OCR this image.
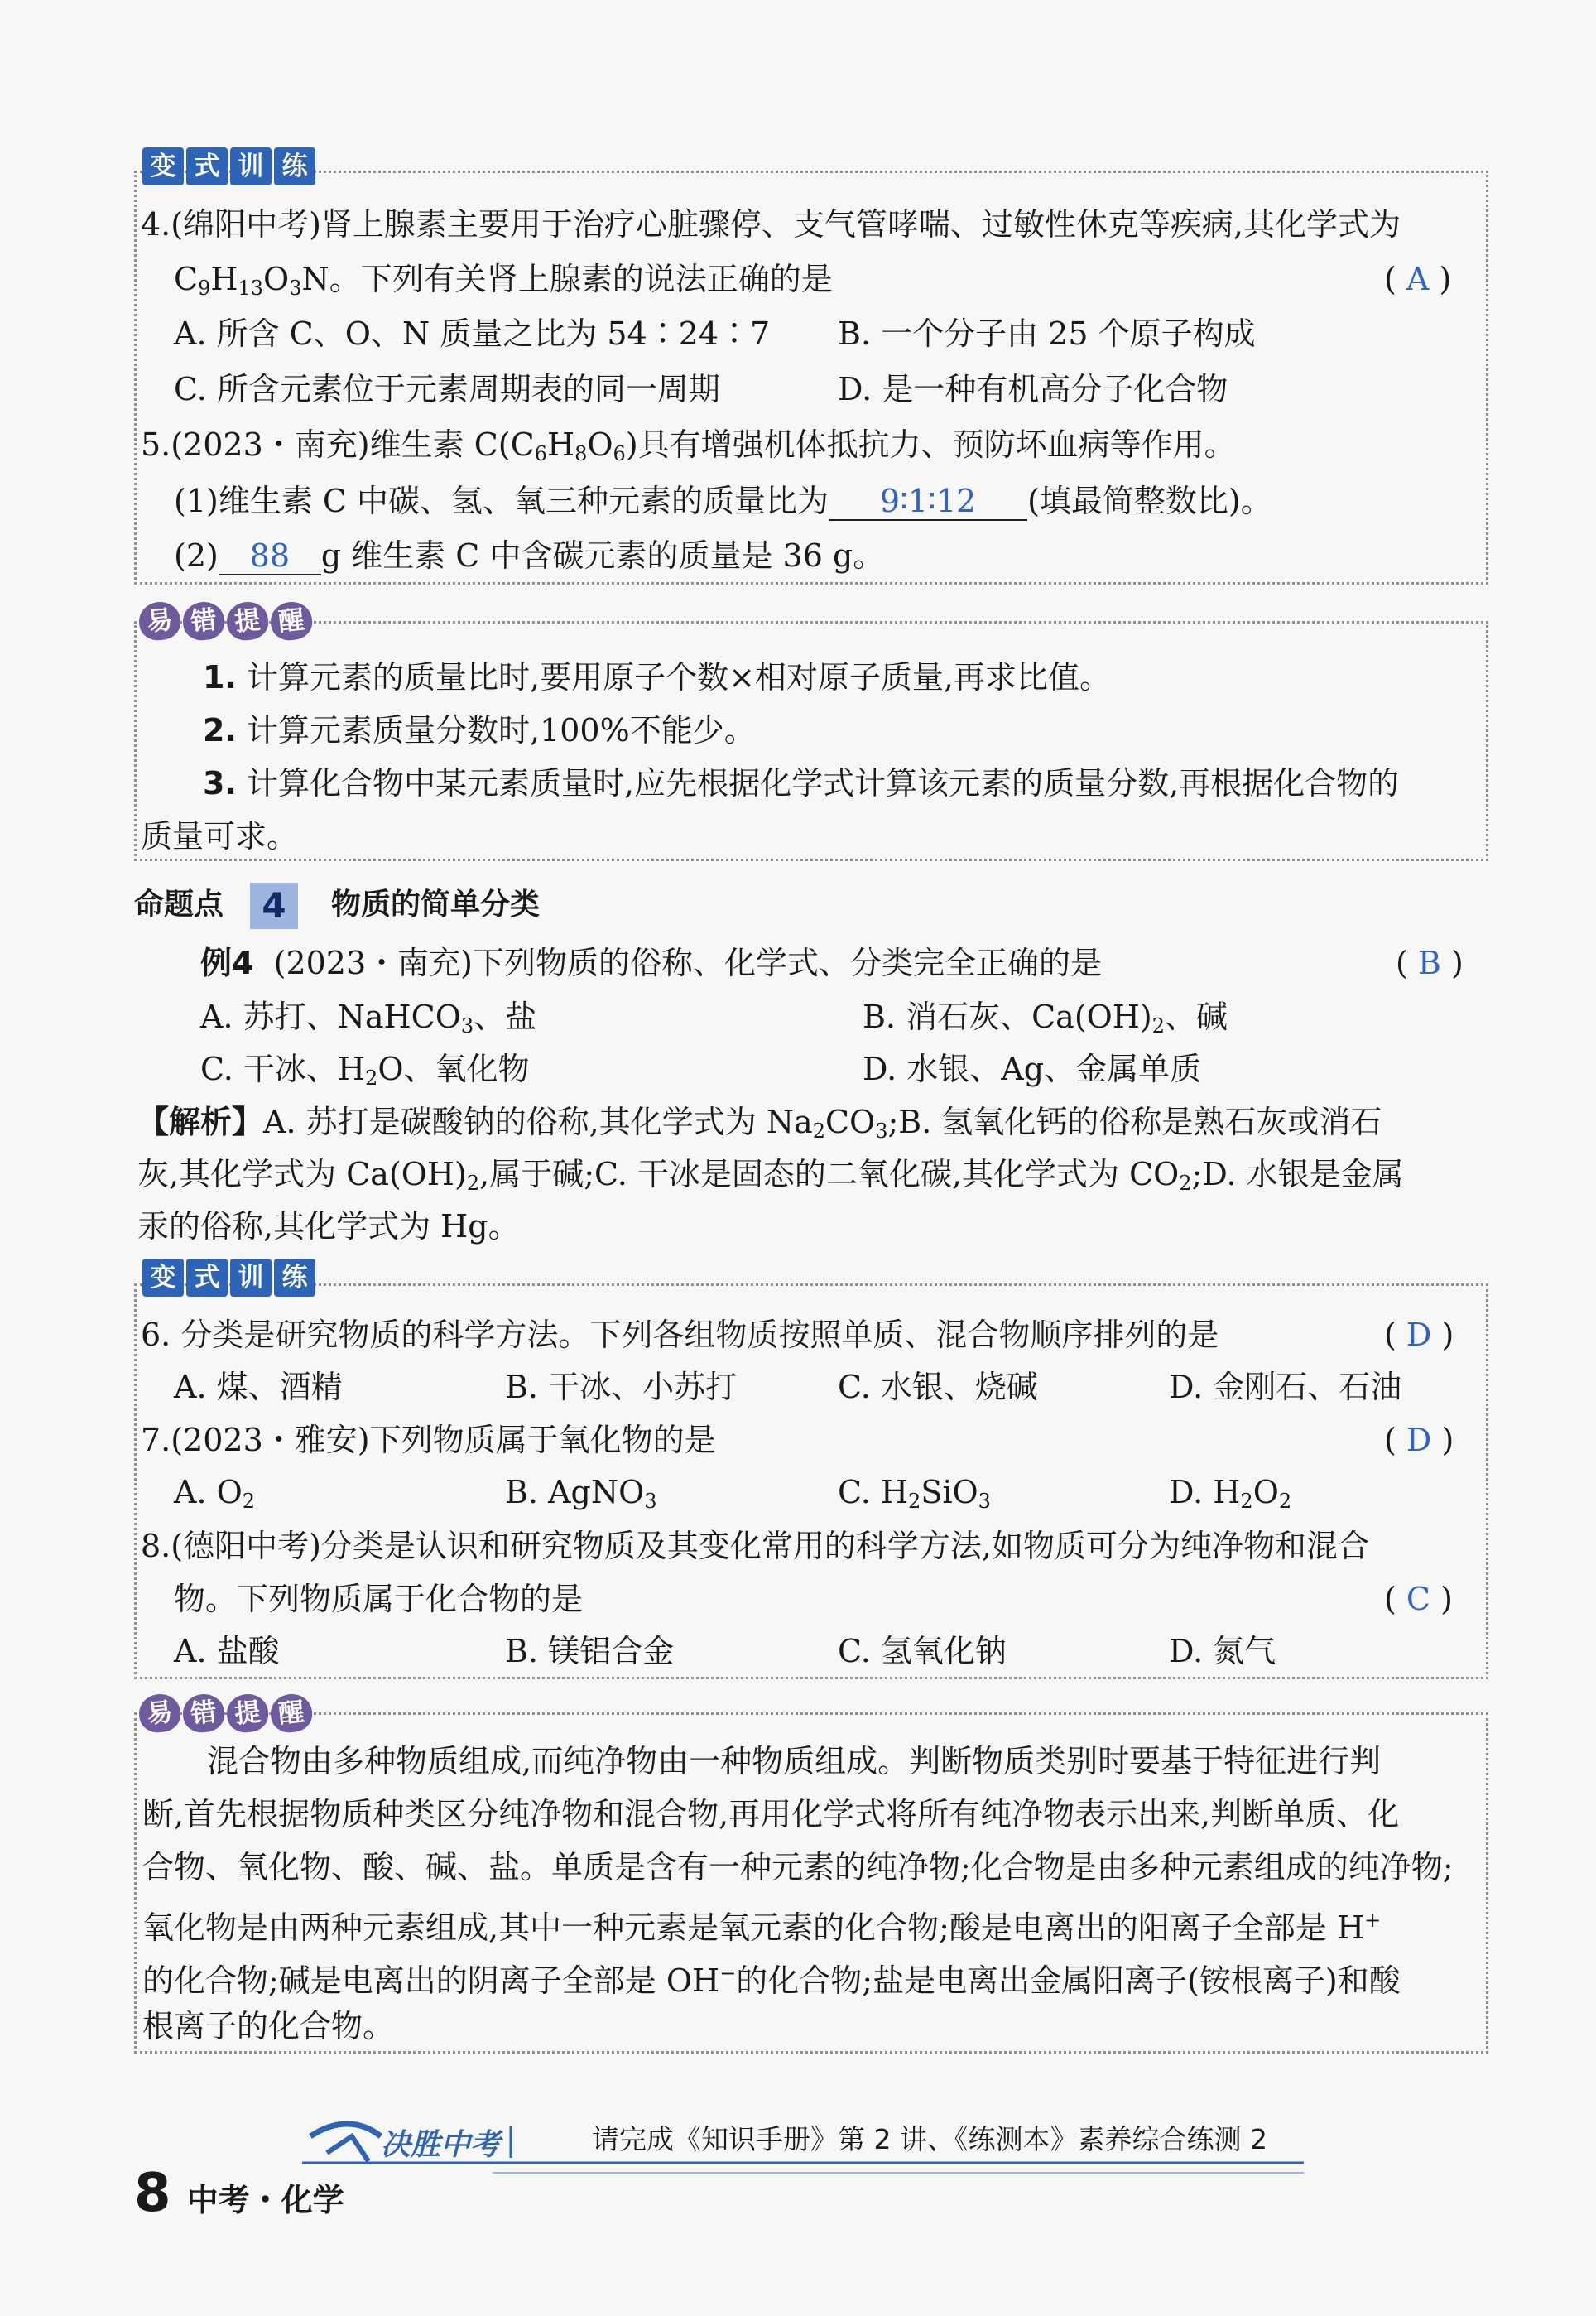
变 式 训 练
4.(绵阳中考)肾上腺素主要用于治疗心脏骤停、支气管哮喘、过敏性休克等疾病,其化学式为
$C_9H_{13}O_3N$。下列有关肾上腺素的说法正确的是	( A )
A. 所含 C、O、N 质量之比为 54∶24∶7 B. 一个分子由 25 个原子构成
C. 所含元素位于元素周期表的同一周期	D. 是一种有机高分子化合物
5.(2023・南充)维生素 $C(C_6H_8O_6)$具有增强机体抵抗力、预防坏血病等作用。
(1)维生素 C 中碳、氢、氧三种元素的质量比为 9∶1∶12 (填最简整数比)。
(2) 88 g 维生素 C 中含碳元素的质量是 36 g。
易 错 提 醒
1. 计算元素的质量比时,要用原子个数×相对原子质量,再求比值。
2. 计算元素质量分数时,100%不能少。
3. 计算化合物中某元素质量时,应先根据化学式计算该元素的质量分数,再根据化合物的
质量可求。
命题点	4	物质的简单分类
例4 (2023・南充)下列物质的俗称、化学式、分类完全正确的是	( B )
A. 苏打、NaHCO$_3$、盐	B. 消石灰、$Ca(OH)_2$、碱
C. 干冰、$H_2O$、氧化物	D. 水银、Ag、金属单质
【解析】A. 苏打是碳酸钠的俗称,其化学式为 $Na_2CO_3;B$. 氢氧化钙的俗称是熟石灰或消石
灰,其化学式为 $Ca(OH)_2$,属于碱;C. 干冰是固态的二氧化碳,其化学式为 $CO_2;D$. 水银是金属
汞的俗称,其化学式为 Hg。
变 式 训 练
6. 分类是研究物质的科学方法。下列各组物质按照单质、混合物顺序排列的是	( D )
A. 煤、酒精	B. 干冰、小苏打	C. 水银、烧碱	D. 金刚石、石油
7.(2023・雅安)下列物质属于氧化物的是	( D )
A. $O_2$	B. AgNO$_3$	C. $H_2SiO_3$	D. $H_2O_2$
8.(德阳中考)分类是认识和研究物质及其变化常用的科学方法,如物质可分为纯净物和混合
物。下列物质属于化合物的是	( C )
A. 盐酸	B. 镁铝合金	C. 氢氧化钠	D. 氮气
易 错 提 醒
混合物由多种物质组成,而纯净物由一种物质组成。判断物质类别时要基于特征进行判
断,首先根据物质种类区分纯净物和混合物,再用化学式将所有纯净物表示出来,判断单质、化
合物、氧化物、酸、碱、盐。单质是含有一种元素的纯净物;化合物是由多种元素组成的纯净物;
氧化物是由两种元素组成,其中一种元素是氧元素的化合物;酸是电离出的阳离子全部是 H+
的化合物;碱是电离出的阴离子全部是 OH−的化合物;盐是电离出金属阳离子(铵根离子)和酸
根离子的化合物。
决胜中考	请完成《知识手册》第 2 讲、《练测本》素养综合练测 2
8 中考・化学
